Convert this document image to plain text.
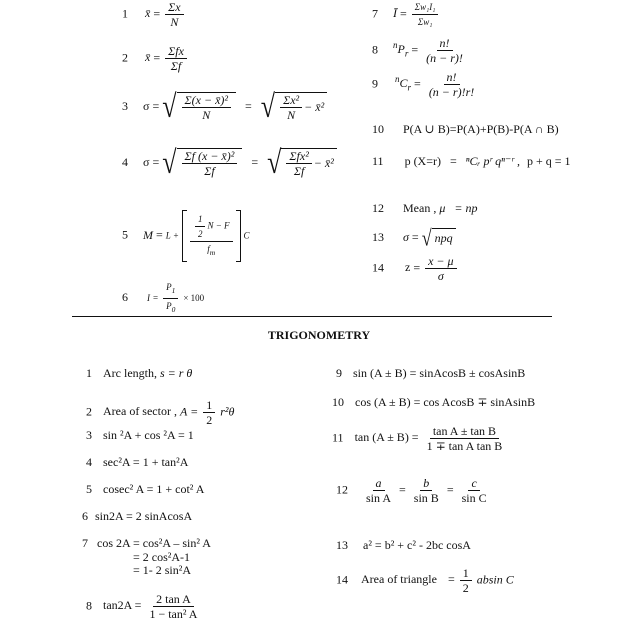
1 x̄ = $\frac{\Sigma x}{N}$
2 x̄ = $\frac{\text{Σfx}}{\Sigma f}$
3 σ = √ $\frac{\text{Σ(x − x̄)²}}{N}$ = √ $\frac{\text{Σx²}}{N}$ − x̄²
4 σ = √ $\frac{\text{Σf (x − x̄)²}}{\Sigma f}$ = √ $\frac{\text{Σfx²}}{\Sigma f}$ − x̄²
5 $M = L + \frac{\frac{1}{2} N - F}{f_m}$ C
6 $I = \frac{P_1}{P_0} \times 100$
7 Ī = $\frac{\text{Σw₁I₁}}{\text{Σw₁}}$
8 $^nP_r = \frac{n!}{(n - r)!}$
9 $^nC_r = \frac{n!}{(n - r)!r!}$
10 P(A ∪ B)=P(A)+P(B)-P(A ∩ B)
11 p (X=r) = ⁿCᵣ pʳ qⁿ⁻ʳ , p + q = 1
12 Mean , μ = np
13 σ = √ npq
14 $z = \frac{x - \mu}{\sigma}$
TRIGONOMETRY
1 Arc length, s = r θ
2 Area of sector , $A = \frac{1}{2} r^2\theta$
3 sin ²A + cos ²A = 1
4 sec²A = 1 + tan²A
5 cosec² A = 1 + cot² A
6 sin2A = 2 sinAcosA
7 cos 2A = cos²A – sin² A
= 2 cos²A-1
= 1- 2 sin²A
8 $\tan 2A = \frac{\text{2 tan A}}{\text{1 − tan² A}}$
9 sin (A ± B) = sinAcosB ± cosAsinB
10 cos (A ± B) = cos AcosB ∓ sinAsinB
11 $\tan (A \pm B) = \frac{\text{tan A ± tan B}}{\text{1 ∓ tan A tan B}}$
$12 \frac{a}{\text{sin A}} = \frac{b}{\text{sin B}} = \frac{c}{\text{sin C}}$
13 a² = b² + c² - 2bc cosA
14 Area of triangle = $\frac{1}{2}$ absin C
